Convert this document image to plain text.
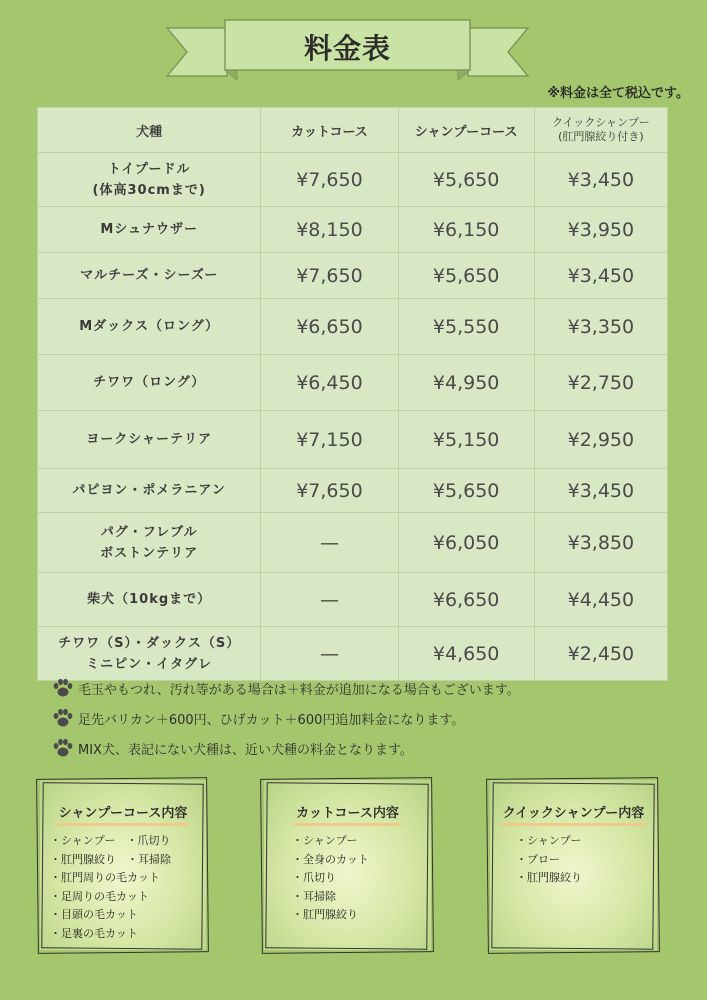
料金表
※料金は全て税込です。
犬種	カットコース	シャンプーコース	クイックシャンプー
(肛門腺絞り付き)
トイプードル
(体高30cmまで)	¥7,650	¥5,650	¥3,450
Mシュナウザー	¥8,150	¥6,150	¥3,950
マルチーズ・シーズー	¥7,650	¥5,650	¥3,450
Mダックス（ロング）	¥6,650	¥5,550	¥3,350
チワワ（ロング）	¥6,450	¥4,950	¥2,750
ヨークシャーテリア	¥7,150	¥5,150	¥2,950
パピヨン・ポメラニアン	¥7,650	¥5,650	¥3,450
パグ・フレブル
ボストンテリア	—	¥6,050	¥3,850
柴犬（10kgまで）	—	¥6,650	¥4,450
チワワ（S）・ダックス（S）
ミニピン・イタグレ	—	¥4,650	¥2,450
毛玉やもつれ、汚れ等がある場合は＋料金が追加になる場合もございます。
足先バリカン＋600円、ひげカット＋600円追加料金になります。
MIX犬、表記にない犬種は、近い犬種の料金となります。
シャンプーコース内容
・ シャンプー　・爪切り
・ 肛門腺絞り　・耳掃除
・ 肛門周りの毛カット
・ 足周りの毛カット
・ 目頭の毛カット
・ 足裏の毛カット
カットコース内容
・ シャンプー
・ 全身のカット
・ 爪切り
・ 耳掃除
・ 肛門腺絞り
クイックシャンプー内容
・ シャンプー
・ ブロー
・ 肛門腺絞り
